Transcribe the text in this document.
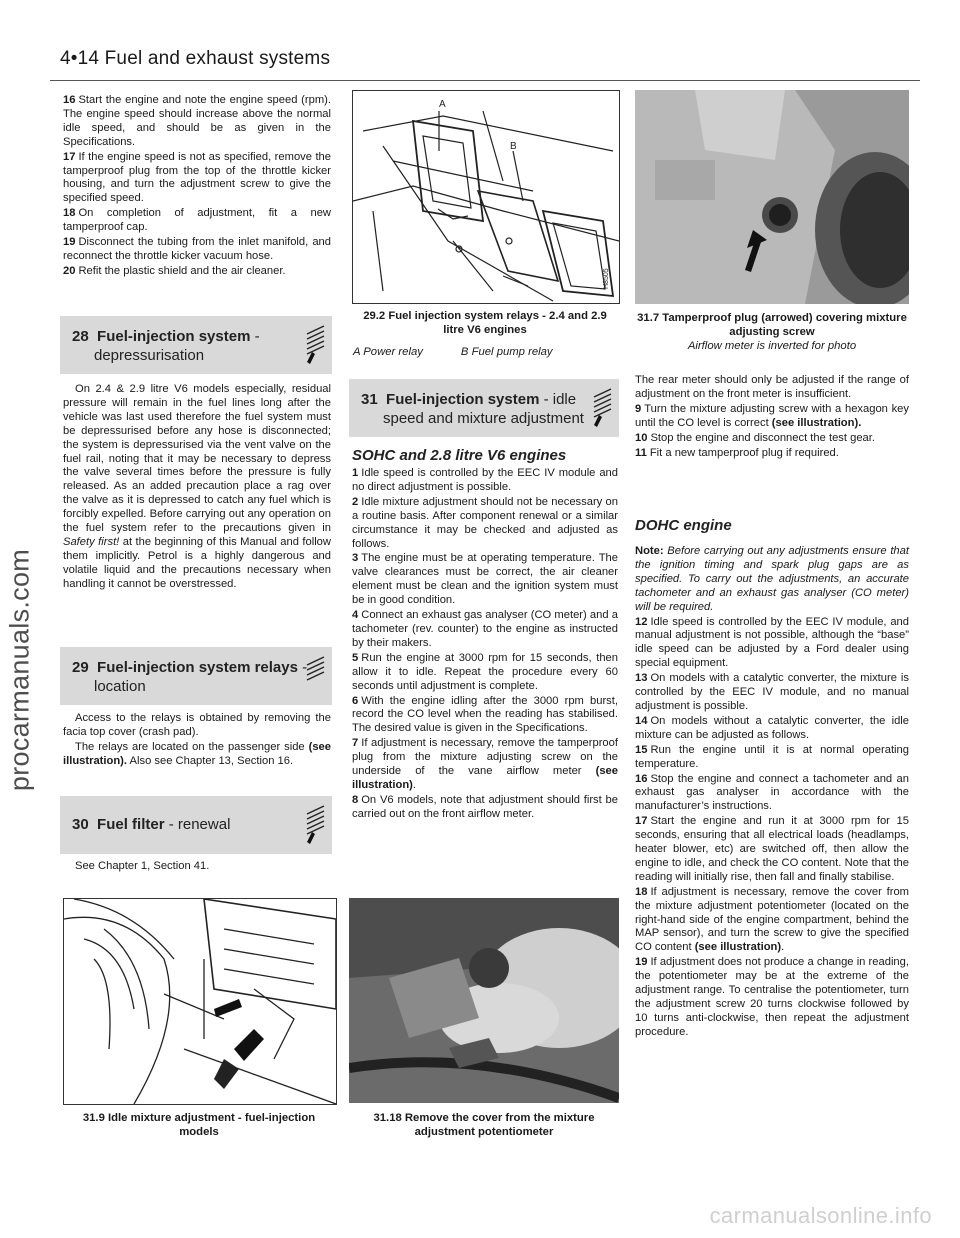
4•14 Fuel and exhaust systems
procarmanuals.com
carmanualsonline.info

16 Start the engine and note the engine speed (rpm). The engine speed should increase above the normal idle speed, and should be as given in the Specifications.

17 If the engine speed is not as specified, remove the tamperproof plug from the top of the throttle kicker housing, and turn the adjustment screw to give the specified speed.

18 On completion of adjustment, fit a new tamperproof cap.

19 Disconnect the tubing from the inlet manifold, and reconnect the throttle kicker vacuum hose.

20 Refit the plastic shield and the air cleaner.

28 Fuel-injection system -
depressurisation

On 2.4 & 2.9 litre V6 models especially, residual pressure will remain in the fuel lines long after the vehicle was last used therefore the fuel system must be depressurised before any hose is disconnected; the system is depressurised via the vent valve on the fuel rail, noting that it may be necessary to depress the valve several times before the pressure is fully released. As an added precaution place a rag over the valve as it is depressed to catch any fuel which is forcibly expelled. Before carrying out any operation on the fuel system refer to the precautions given in Safety first! at the beginning of this Manual and follow them implicitly. Petrol is a highly dangerous and volatile liquid and the precautions necessary when handling it cannot be overstressed.

29 Fuel-injection system relays -
location

Access to the relays is obtained by removing the facia top cover (crash pad).

The relays are located on the passenger side (see illustration). Also see Chapter 13, Section 16.

30 Fuel filter - renewal

See Chapter 1, Section 41.

A
B
H8505
29.2 Fuel injection system relays - 2.4 and 2.9 litre V6 engines
A Power relay	B Fuel pump relay
31.7 Tamperproof plug (arrowed) covering mixture adjusting screw
Airflow meter is inverted for photo
31 Fuel-injection system - idle
speed and mixture adjustment
SOHC and 2.8 litre V6 engines

1 Idle speed is controlled by the EEC IV module and no direct adjustment is possible.

2 Idle mixture adjustment should not be necessary on a routine basis. After component renewal or a similar circumstance it may be checked and adjusted as follows.

3 The engine must be at operating temperature. The valve clearances must be correct, the air cleaner element must be clean and the ignition system must be in good condition.

4 Connect an exhaust gas analyser (CO meter) and a tachometer (rev. counter) to the engine as instructed by their makers.

5 Run the engine at 3000 rpm for 15 seconds, then allow it to idle. Repeat the procedure every 60 seconds until adjustment is complete.

6 With the engine idling after the 3000 rpm burst, record the CO level when the reading has stabilised. The desired value is given in the Specifications.

7 If adjustment is necessary, remove the tamperproof plug from the mixture adjusting screw on the underside of the vane airflow meter (see illustration).

8 On V6 models, note that adjustment should first be carried out on the front airflow meter.

The rear meter should only be adjusted if the range of adjustment on the front meter is insufficient.

9 Turn the mixture adjusting screw with a hexagon key until the CO level is correct (see illustration).

10 Stop the engine and disconnect the test gear.

11 Fit a new tamperproof plug if required.

DOHC engine

Note: Before carrying out any adjustments ensure that the ignition timing and spark plug gaps are as specified. To carry out the adjustments, an accurate tachometer and an exhaust gas analyser (CO meter) will be required.

12 Idle speed is controlled by the EEC IV module, and manual adjustment is not possible, although the “base” idle speed can be adjusted by a Ford dealer using special equipment.

13 On models with a catalytic converter, the mixture is controlled by the EEC IV module, and no manual adjustment is possible.

14 On models without a catalytic converter, the idle mixture can be adjusted as follows.

15 Run the engine until it is at normal operating temperature.

16 Stop the engine and connect a tachometer and an exhaust gas analyser in accordance with the manufacturer’s instructions.

17 Start the engine and run it at 3000 rpm for 15 seconds, ensuring that all electrical loads (headlamps, heater blower, etc) are switched off, then allow the engine to idle, and check the CO content. Note that the reading will initially rise, then fall and finally stabilise.

18 If adjustment is necessary, remove the cover from the mixture adjustment potentiometer (located on the right-hand side of the engine compartment, behind the MAP sensor), and turn the screw to give the specified CO content (see illustration).

19 If adjustment does not produce a change in reading, the potentiometer may be at the extreme of the adjustment range. To centralise the potentiometer, turn the adjustment screw 20 turns clockwise followed by 10 turns anti-clockwise, then repeat the adjustment procedure.

31.9 Idle mixture adjustment - fuel-injection models
31.18 Remove the cover from the mixture adjustment potentiometer
